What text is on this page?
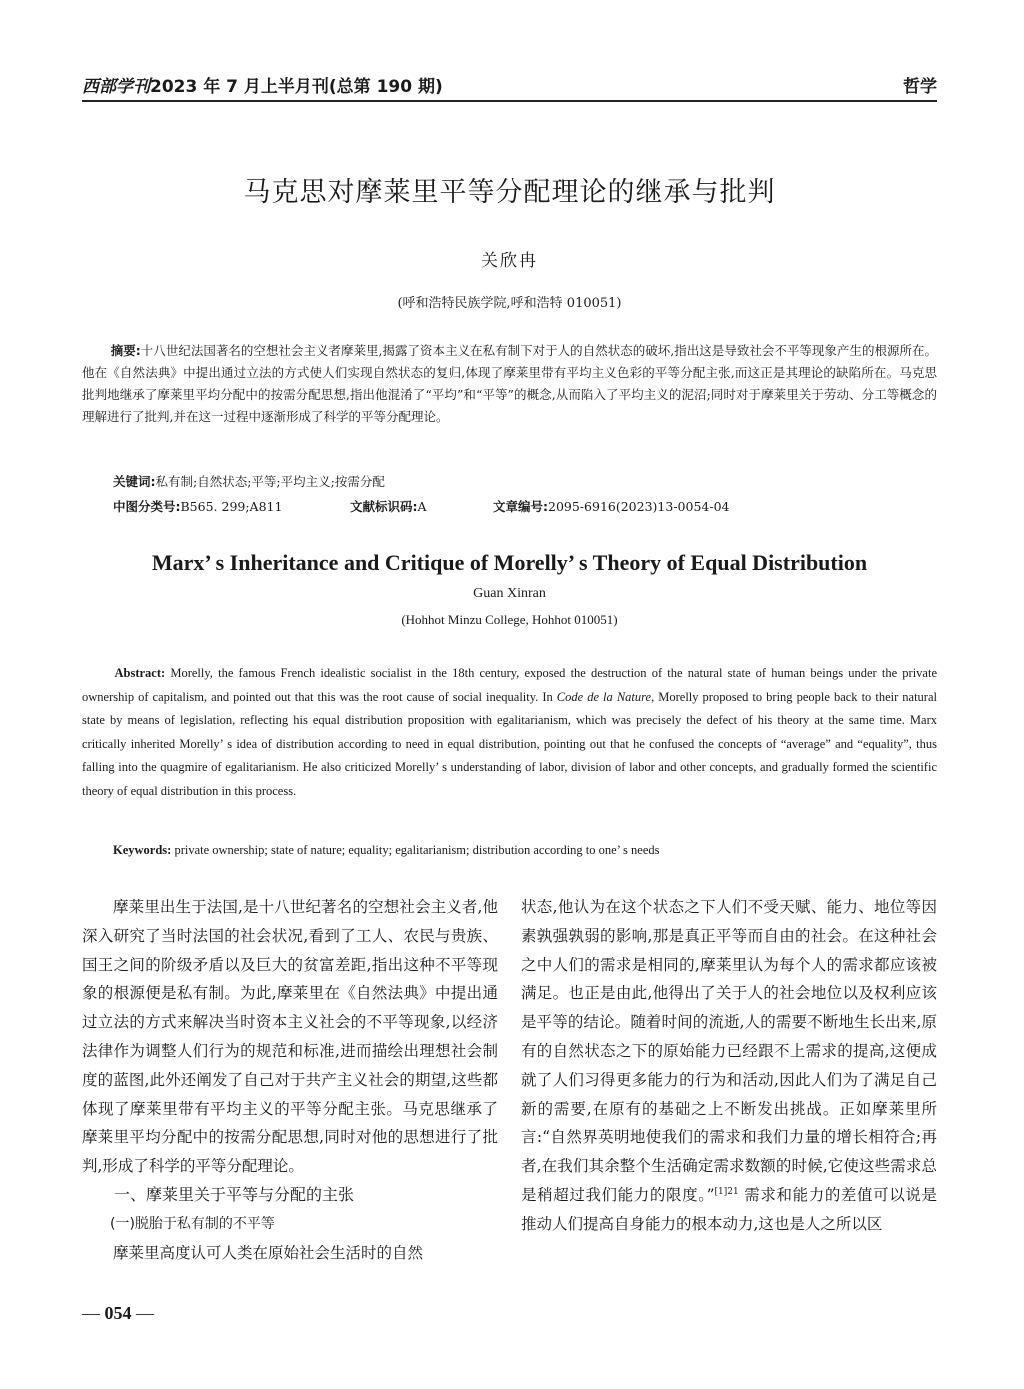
西部学刊2023 年 7 月上半月刊(总第 190 期)	哲学
马克思对摩莱里平等分配理论的继承与批判
关欣冉
(呼和浩特民族学院,呼和浩特 010051)
摘要:十八世纪法国著名的空想社会主义者摩莱里,揭露了资本主义在私有制下对于人的自然状态的破坏,指出这是导致社会不平等现象产生的根源所在。他在《自然法典》中提出通过立法的方式使人们实现自然状态的复归,体现了摩莱里带有平均主义色彩的平等分配主张,而这正是其理论的缺陷所在。马克思批判地继承了摩莱里平均分配中的按需分配思想,指出他混淆了“平均”和“平等”的概念,从而陷入了平均主义的泥沼;同时对于摩莱里关于劳动、分工等概念的理解进行了批判,并在这一过程中逐渐形成了科学的平等分配理论。
关键词:私有制;自然状态;平等;平均主义;按需分配
中图分类号:B565. 299;A811	文献标识码:A	文章编号:2095-6916(2023)13-0054-04
Marx’ s Inheritance and Critique of Morelly’ s Theory of Equal Distribution
Guan Xinran
(Hohhot Minzu College, Hohhot 010051)
Abstract: Morelly, the famous French idealistic socialist in the 18th century, exposed the destruction of the natural state of human beings under the private ownership of capitalism, and pointed out that this was the root cause of social inequality. In Code de la Nature, Morelly proposed to bring people back to their natural state by means of legislation, reflecting his equal distribution proposition with egalitarianism, which was precisely the defect of his theory at the same time. Marx critically inherited Morelly’ s idea of distribution according to need in equal distribution, pointing out that he confused the concepts of “average” and “equality”, thus falling into the quagmire of egalitarianism. He also criticized Morelly’ s understanding of labor, division of labor and other concepts, and gradually formed the scientific theory of equal distribution in this process.
Keywords: private ownership; state of nature; equality; egalitarianism; distribution according to one’ s needs

摩莱里出生于法国,是十八世纪著名的空想社会主义者,他深入研究了当时法国的社会状况,看到了工人、农民与贵族、国王之间的阶级矛盾以及巨大的贫富差距,指出这种不平等现象的根源便是私有制。为此,摩莱里在《自然法典》中提出通过立法的方式来解决当时资本主义社会的不平等现象,以经济法律作为调整人们行为的规范和标准,进而描绘出理想社会制度的蓝图,此外还阐发了自己对于共产主义社会的期望,这些都体现了摩莱里带有平均主义的平等分配主张。马克思继承了摩莱里平均分配中的按需分配思想,同时对他的思想进行了批判,形成了科学的平等分配理论。

一、摩莱里关于平等与分配的主张

(一)脱胎于私有制的不平等

摩莱里高度认可人类在原始社会生活时的自然

状态,他认为在这个状态之下人们不受天赋、能力、地位等因素孰强孰弱的影响,那是真正平等而自由的社会。在这种社会之中人们的需求是相同的,摩莱里认为每个人的需求都应该被满足。也正是由此,他得出了关于人的社会地位以及权利应该是平等的结论。随着时间的流逝,人的需要不断地生长出来,原有的自然状态之下的原始能力已经跟不上需求的提高,这便成就了人们习得更多能力的行为和活动,因此人们为了满足自己新的需要,在原有的基础之上不断发出挑战。正如摩莱里所言:“自然界英明地使我们的需求和我们力量的增长相符合;再者,在我们其余整个生活确定需求数额的时候,它使这些需求总是稍超过我们能力的限度。”$^{[1]21}$ 需求和能力的差值可以说是推动人们提高自身能力的根本动力,这也是人之所以区

— 054 —
